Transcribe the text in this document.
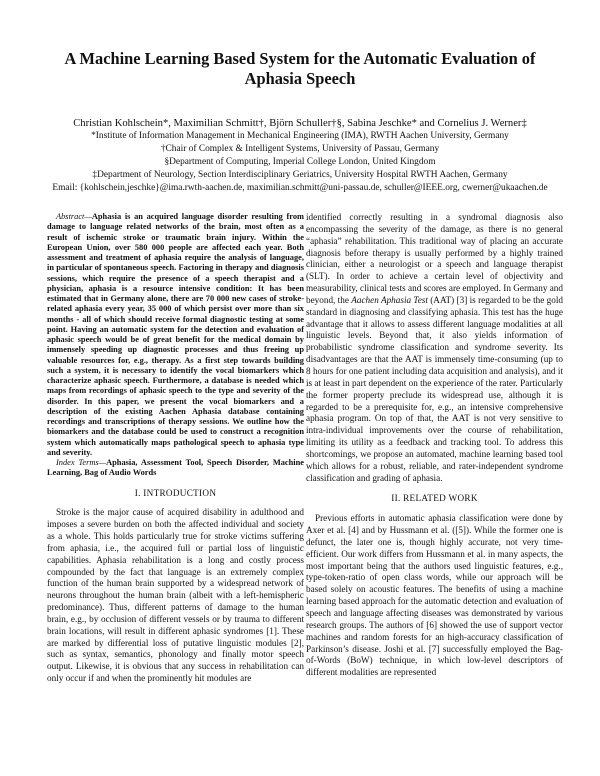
A Machine Learning Based System for the Automatic Evaluation of Aphasia Speech
Christian Kohlschein*, Maximilian Schmitt†, Björn Schuller†§, Sabina Jeschke* and Cornelius J. Werner‡
*Institute of Information Management in Mechanical Engineering (IMA), RWTH Aachen University, Germany
†Chair of Complex & Intelligent Systems, University of Passau, Germany
§Department of Computing, Imperial College London, United Kingdom
‡Department of Neurology, Section Interdisciplinary Geriatrics, University Hospital RWTH Aachen, Germany
Email: {kohlschein,jeschke}@ima.rwth-aachen.de, maximilian.schmitt@uni-passau.de, schuller@IEEE.org, cwerner@ukaachen.de

Abstract—Aphasia is an acquired language disorder resulting from damage to language related networks of the brain, most often as a result of ischemic stroke or traumatic brain injury. Within the European Union, over 580 000 people are affected each year. Both assessment and treatment of aphasia require the analysis of language, in particular of spontaneous speech. Factoring in therapy and diagnosis sessions, which require the presence of a speech therapist and a physician, aphasia is a resource intensive condition: It has been estimated that in Germany alone, there are 70 000 new cases of stroke-related aphasia every year, 35 000 of which persist over more than six months - all of which should receive formal diagnostic testing at some point. Having an automatic system for the detection and evaluation of aphasic speech would be of great benefit for the medical domain by immensely speeding up diagnostic processes and thus freeing up valuable resources for, e.g., therapy. As a first step towards building such a system, it is necessary to identify the vocal biomarkers which characterize aphasic speech. Furthermore, a database is needed which maps from recordings of aphasic speech to the type and severity of the disorder. In this paper, we present the vocal biomarkers and a description of the existing Aachen Aphasia database containing recordings and transcriptions of therapy sessions. We outline how the biomarkers and the database could be used to construct a recognition system which automatically maps pathological speech to aphasia type and severity.

Index Terms—Aphasia, Assessment Tool, Speech Disorder, Machine Learning, Bag of Audio Words

I. INTRODUCTION

Stroke is the major cause of acquired disability in adulthood and imposes a severe burden on both the affected individual and society as a whole. This holds particularly true for stroke victims suffering from aphasia, i.e., the acquired full or partial loss of linguistic capabilities. Aphasia rehabilitation is a long and costly process compounded by the fact that language is an extremely complex function of the human brain supported by a widespread network of neurons throughout the human brain (albeit with a left-hemispheric predominance). Thus, different patterns of damage to the human brain, e.g., by occlusion of different vessels or by trauma to different brain locations, will result in different aphasic syndromes [1]. These are marked by differential loss of putative linguistic modules [2], such as syntax, semantics, phonology and finally motor speech output. Likewise, it is obvious that any success in rehabilitation can only occur if and when the prominently hit modules are

identified correctly resulting in a syndromal diagnosis also encompassing the severity of the damage, as there is no general “aphasia” rehabilitation. This traditional way of placing an accurate diagnosis before therapy is usually performed by a highly trained clinician, either a neurologist or a speech and language therapist (SLT). In order to achieve a certain level of objectivity and measurability, clinical tests and scores are employed. In Germany and beyond, the Aachen Aphasia Test (AAT) [3] is regarded to be the gold standard in diagnosing and classifying aphasia. This test has the huge advantage that it allows to assess different language modalities at all linguistic levels. Beyond that, it also yields information of probabilistic syndrome classification and syndrome severity. Its disadvantages are that the AAT is immensely time-consuming (up to 8 hours for one patient including data acquisition and analysis), and it is at least in part dependent on the experience of the rater. Particularly the former property preclude its widespread use, although it is regarded to be a prerequisite for, e.g., an intensive comprehensive aphasia program. On top of that, the AAT is not very sensitive to intra-individual improvements over the course of rehabilitation, limiting its utility as a feedback and tracking tool. To address this shortcomings, we propose an automated, machine learning based tool which allows for a robust, reliable, and rater-independent syndrome classification and grading of aphasia.

II. RELATED WORK

Previous efforts in automatic aphasia classification were done by Axer et al. [4] and by Hussmann et al. ([5]). While the former one is defunct, the later one is, though highly accurate, not very time-efficient. Our work differs from Hussmann et al. in many aspects, the most important being that the authors used linguistic features, e.g., type-token-ratio of open class words, while our approach will be based solely on acoustic features. The benefits of using a machine learning based approach for the automatic detection and evaluation of speech and language affecting diseases was demonstrated by various research groups. The authors of [6] showed the use of support vector machines and random forests for an high-accuracy classification of Parkinson’s disease. Joshi et al. [7] successfully employed the Bag-of-Words (BoW) technique, in which low-level descriptors of different modalities are represented
